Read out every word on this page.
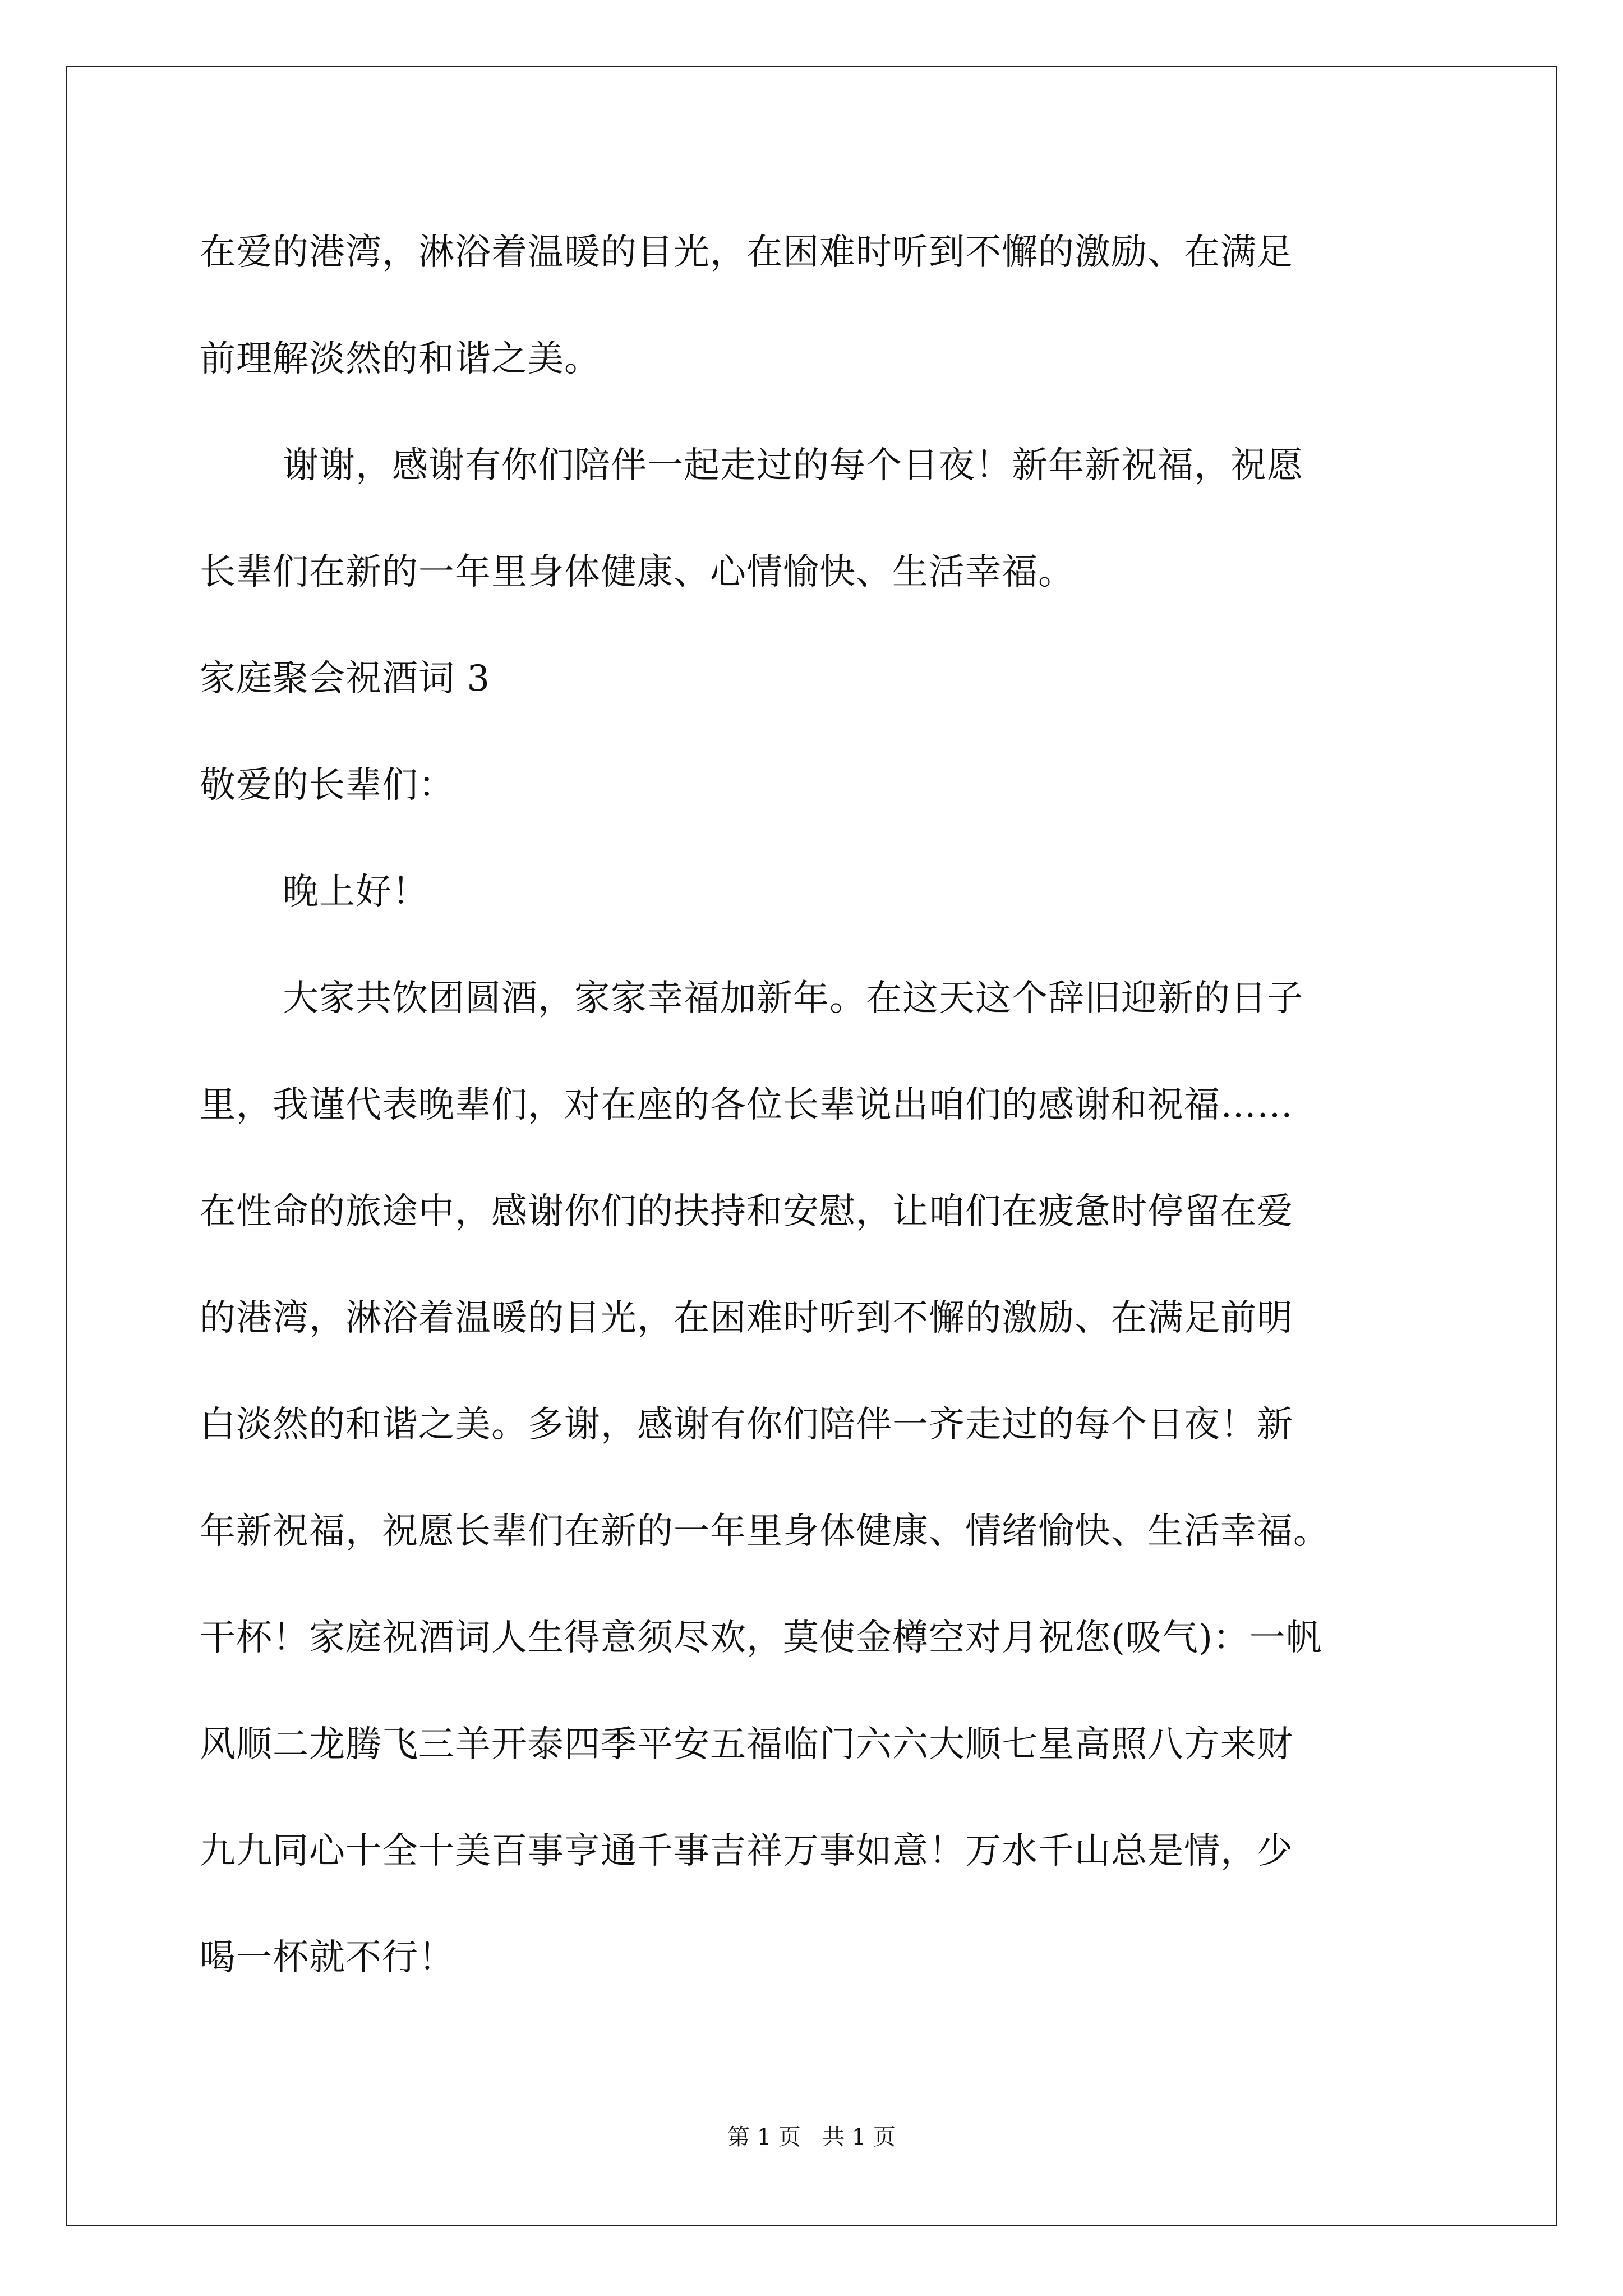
在爱的港湾，淋浴着温暖的目光，在困难时听到不懈的激励、在满足
前理解淡然的和谐之美。
谢谢，感谢有你们陪伴一起走过的每个日夜！新年新祝福，祝愿
长辈们在新的一年里身体健康、心情愉快、生活幸福。
家庭聚会祝酒词 3
敬爱的长辈们：
晚上好！
大家共饮团圆酒，家家幸福加新年。在这天这个辞旧迎新的日子
里，我谨代表晚辈们，对在座的各位长辈说出咱们的感谢和祝福……
在性命的旅途中，感谢你们的扶持和安慰，让咱们在疲惫时停留在爱
的港湾，淋浴着温暖的目光，在困难时听到不懈的激励、在满足前明
白淡然的和谐之美。多谢，感谢有你们陪伴一齐走过的每个日夜！新
年新祝福，祝愿长辈们在新的一年里身体健康、情绪愉快、生活幸福。
干杯！家庭祝酒词人生得意须尽欢，莫使金樽空对月祝您(吸气)：一帆
风顺二龙腾飞三羊开泰四季平安五福临门六六大顺七星高照八方来财
九九同心十全十美百事亨通千事吉祥万事如意！万水千山总是情，少
喝一杯就不行！
第 1 页   共 1 页
